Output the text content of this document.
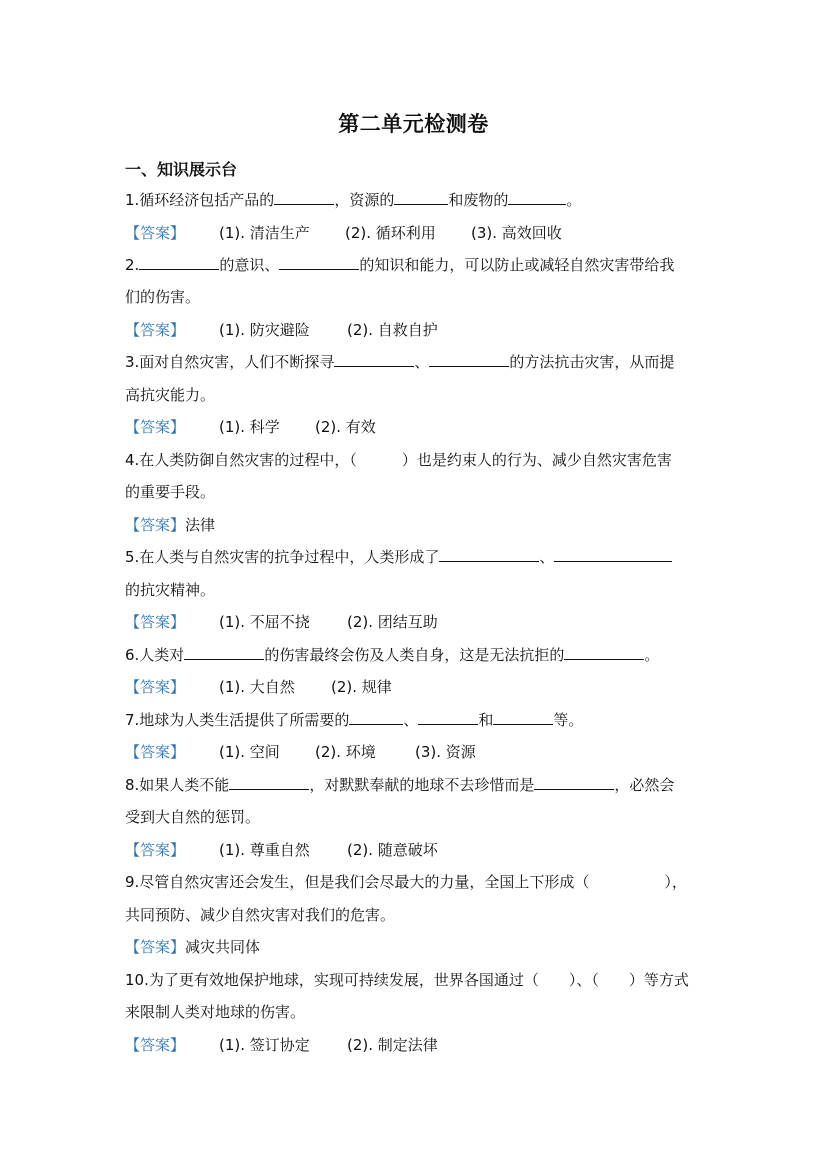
第二单元检测卷
一、知识展示台
1.循环经济包括产品的	，资源的	和废物的	。
【答案】 (1). 清洁生产 (2). 循环利用 (3). 高效回收
2.	的意识、	的知识和能力，可以防止或减轻自然灾害带给我
们的伤害。
【答案】 (1). 防灾避险 (2). 自救自护
3.面对自然灾害，人们不断探寻	、	的方法抗击灾害，从而提
高抗灾能力。
【答案】 (1). 科学 (2). 有效
4.在人类防御自然灾害的过程中，（　　　）也是约束人的行为、减少自然灾害危害
的重要手段。
【答案】法律
5.在人类与自然灾害的抗争过程中，人类形成了	、
的抗灾精神。
【答案】 (1). 不屈不挠 (2). 团结互助
6.人类对	的伤害最终会伤及人类自身，这是无法抗拒的	。
【答案】 (1). 大自然 (2). 规律
7.地球为人类生活提供了所需要的	、	和	等。
【答案】 (1). 空间 (2). 环境	(3). 资源
8.如果人类不能	，对默默奉献的地球不去珍惜而是	，必然会
受到大自然的惩罚。
【答案】 (1). 尊重自然 (2). 随意破坏
9.尽管自然灾害还会发生，但是我们会尽最大的力量，全国上下形成（　　　　　），
共同预防、减少自然灾害对我们的危害。
【答案】减灾共同体
10.为了更有效地保护地球，实现可持续发展，世界各国通过（　　）、（　　）等方式
来限制人类对地球的伤害。
【答案】 (1). 签订协定 (2). 制定法律
